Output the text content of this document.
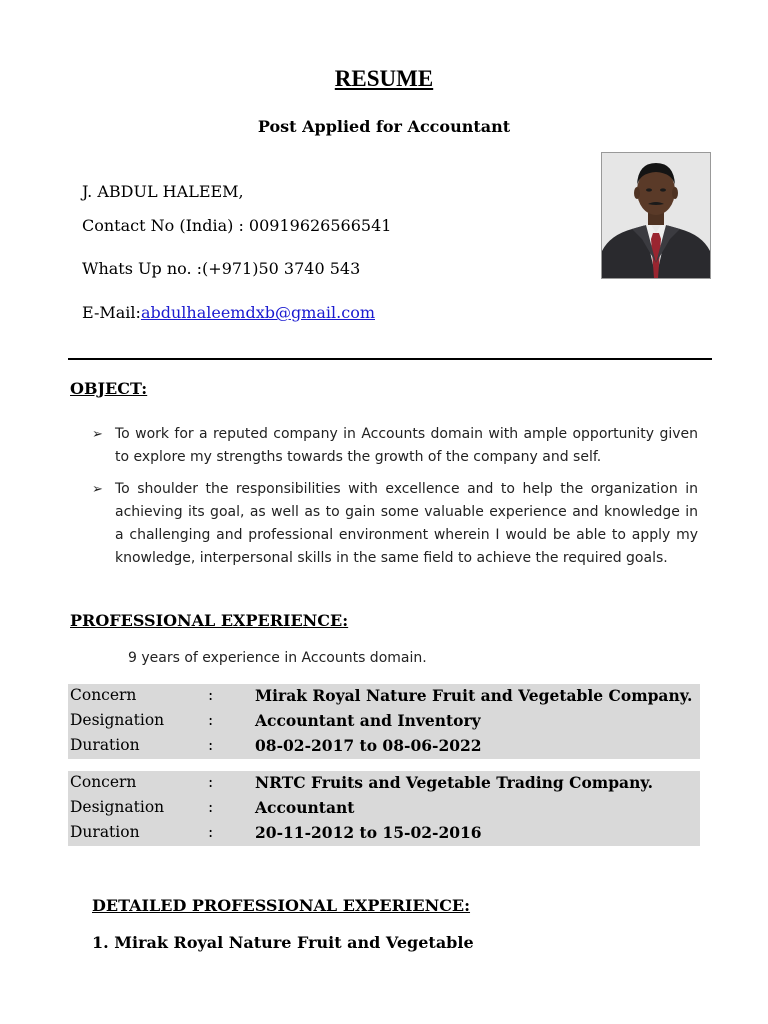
RESUME
Post Applied for Accountant
J. ABDUL HALEEM,
Contact No (India) : 00919626566541
Whats Up no. :(+971)50 3740 543
E-Mail:abdulhaleemdxb@gmail.com
OBJECT:
➢ To work for a reputed company in Accounts domain with ample opportunity given to explore my strengths towards the growth of the company and self.
➢ To shoulder the responsibilities with excellence and to help the organization in achieving its goal, as well as to gain some valuable experience and knowledge in a challenging and professional environment wherein I would be able to apply my knowledge, interpersonal skills in the same field to achieve the required goals.
PROFESSIONAL EXPERIENCE:
9 years of experience in Accounts domain.
Concern	:	Mirak Royal Nature Fruit and Vegetable Company.
Designation	:	Accountant and Inventory
Duration	:	08-02-2017 to 08-06-2022
Concern	:	NRTC Fruits and Vegetable Trading Company.
Designation	:	Accountant
Duration	:	20-11-2012 to 15-02-2016
DETAILED PROFESSIONAL EXPERIENCE:
1. Mirak Royal Nature Fruit and Vegetable
